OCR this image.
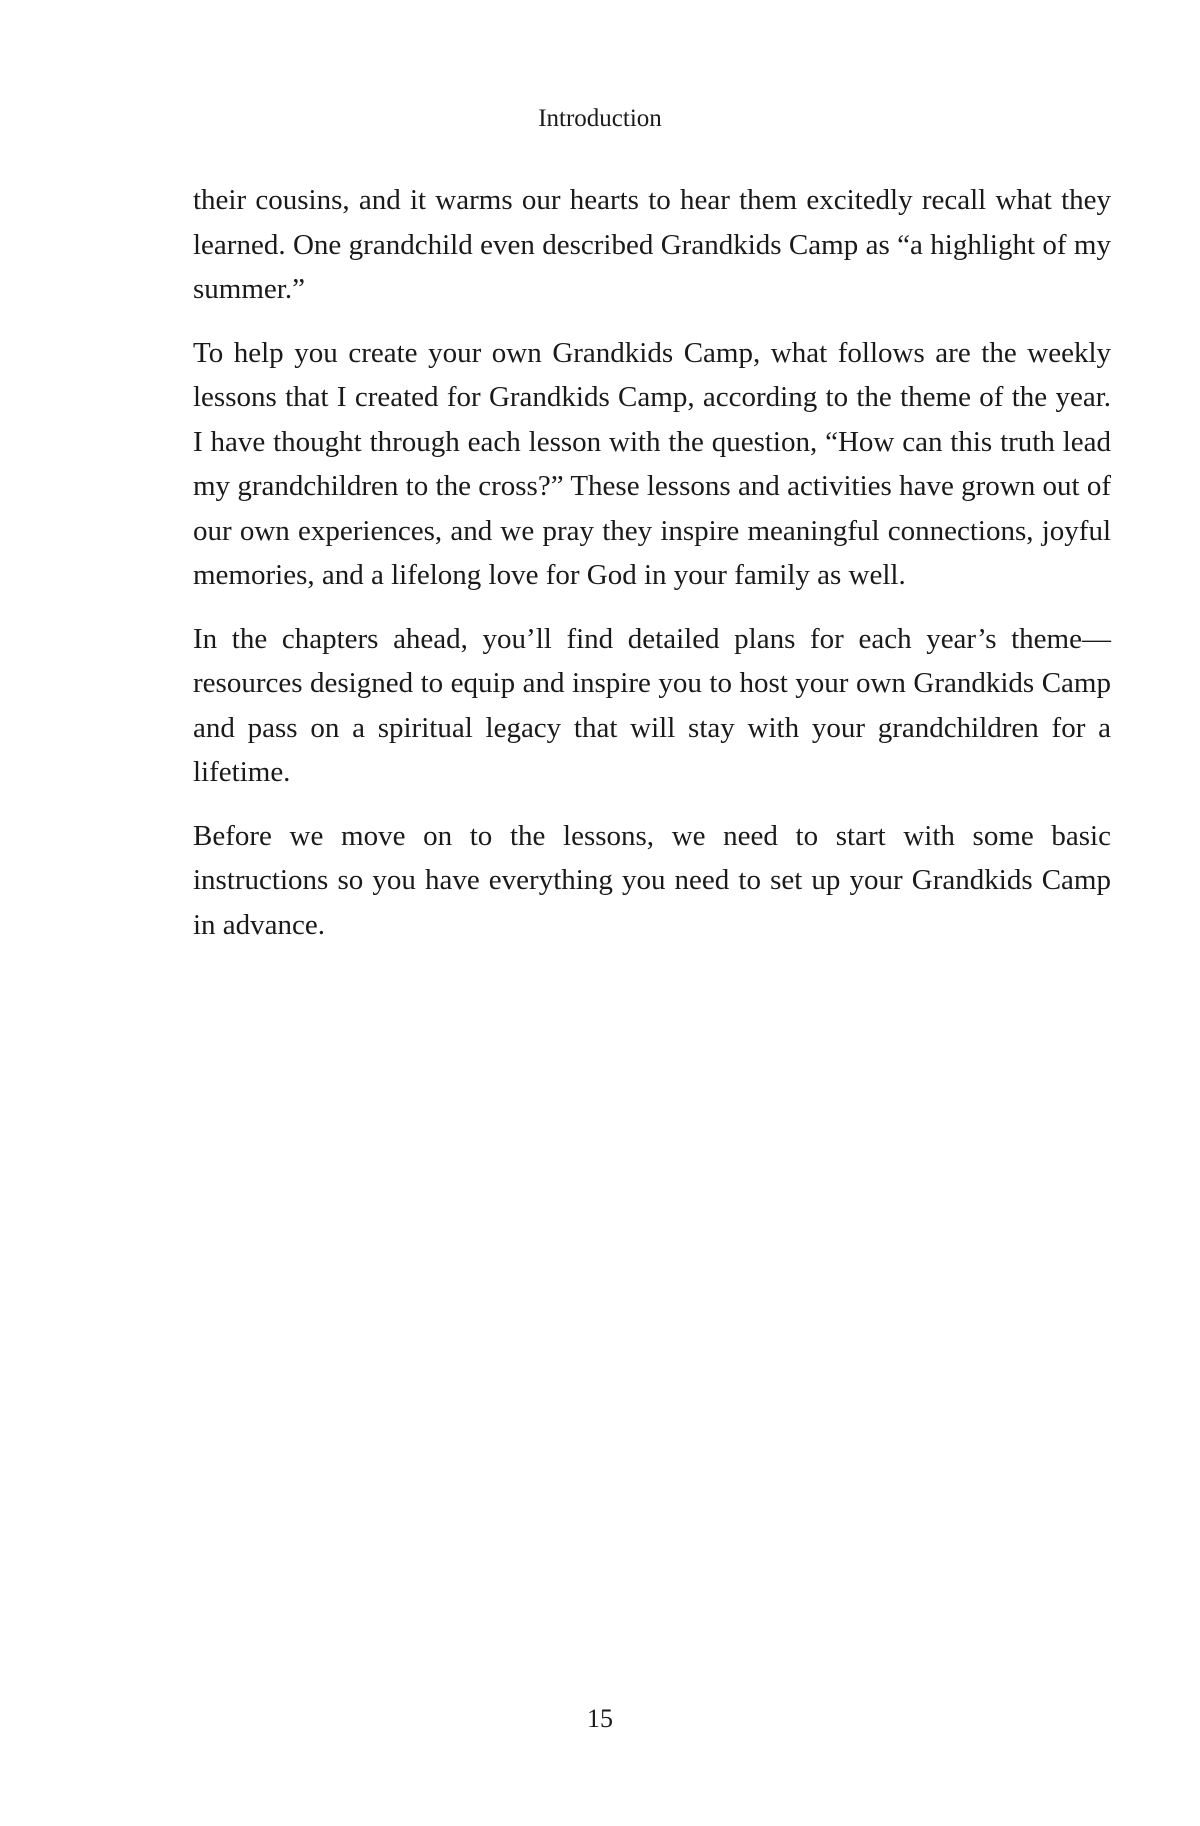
Introduction

their cousins, and it warms our hearts to hear them excitedly recall what they learned. One grandchild even described Grandkids Camp as “a highlight of my summer.”

To help you create your own Grandkids Camp, what follows are the weekly lessons that I created for Grandkids Camp, according to the theme of the year. I have thought through each lesson with the question, “How can this truth lead my grandchildren to the cross?” These lessons and activities have grown out of our own experiences, and we pray they inspire meaningful connections, joyful memories, and a lifelong love for God in your family as well.

In the chapters ahead, you’ll find detailed plans for each year’s theme—resources designed to equip and inspire you to host your own Grandkids Camp and pass on a spiritual legacy that will stay with your grandchildren for a lifetime.

Before we move on to the lessons, we need to start with some basic instructions so you have everything you need to set up your Grandkids Camp in advance.

15
